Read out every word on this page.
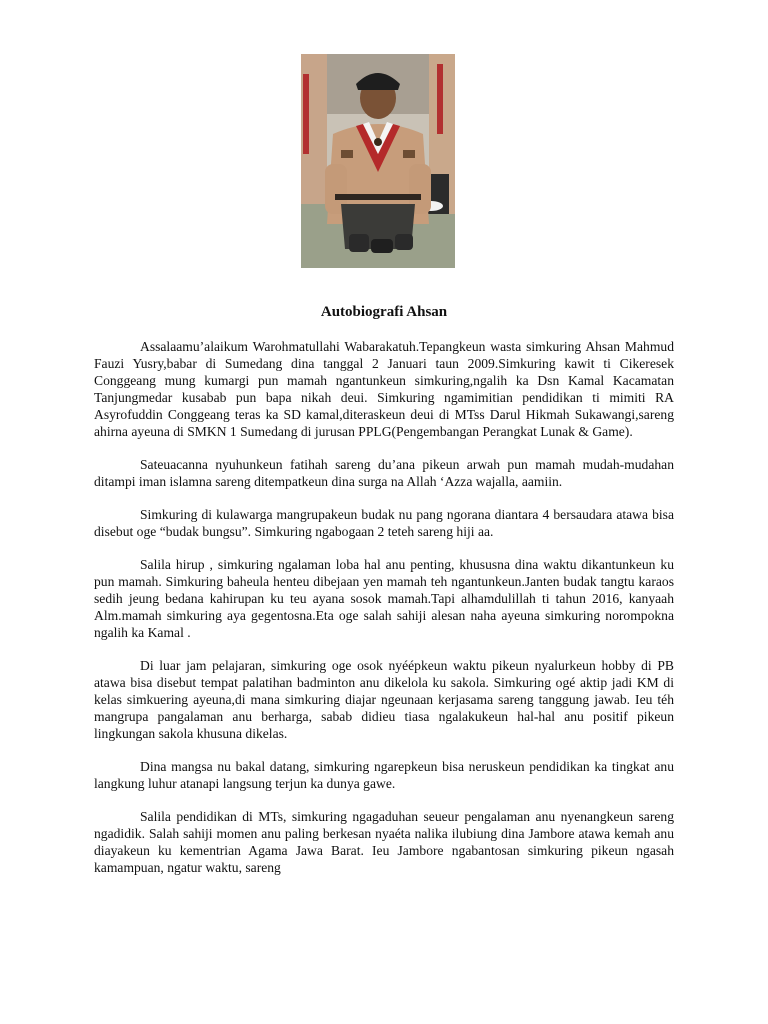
Autobiografi Ahsan

Assalaamu’alaikum Warohmatullahi Wabarakatuh.Tepangkeun wasta simkuring Ahsan Mahmud Fauzi Yusry,babar di Sumedang dina tanggal 2 Januari taun 2009.Simkuring kawit ti Cikeresek Conggeang mung kumargi pun mamah ngantunkeun simkuring,ngalih ka Dsn Kamal Kacamatan Tanjungmedar kusabab pun bapa nikah deui. Simkuring ngamimitian pendidikan ti mimiti RA Asyrofuddin Conggeang teras ka SD kamal,diteraskeun deui di MTss Darul Hikmah Sukawangi,sareng ahirna ayeuna di SMKN 1 Sumedang di jurusan PPLG(Pengembangan Perangkat Lunak & Game).

Sateuacanna nyuhunkeun fatihah sareng du’ana pikeun arwah pun mamah mudah-mudahan ditampi iman islamna sareng ditempatkeun dina surga na Allah ‘Azza wajalla, aamiin.

Simkuring di kulawarga mangrupakeun budak nu pang ngorana diantara 4 bersaudara atawa bisa disebut oge “budak bungsu”. Simkuring ngabogaan 2 teteh sareng hiji aa.

Salila hirup , simkuring ngalaman loba hal anu penting, khususna dina waktu dikantunkeun ku pun mamah. Simkuring baheula henteu dibejaan yen mamah teh ngantunkeun.Janten budak tangtu karaos sedih jeung bedana kahirupan ku teu ayana sosok mamah.Tapi alhamdulillah ti tahun 2016, kanyaah Alm.mamah simkuring aya gegentosna.Eta oge salah sahiji alesan naha ayeuna simkuring norompokna ngalih ka Kamal .

Di luar jam pelajaran, simkuring oge osok nyéépkeun waktu pikeun nyalurkeun hobby di PB atawa bisa disebut tempat palatihan badminton anu dikelola ku sakola. Simkuring ogé aktip jadi KM di kelas simkuering ayeuna,di mana simkuring diajar ngeunaan kerjasama sareng tanggung jawab. Ieu téh mangrupa pangalaman anu berharga, sabab didieu tiasa ngalakukeun hal-hal anu positif pikeun lingkungan sakola khusuna dikelas.

Dina mangsa nu bakal datang, simkuring ngarepkeun bisa neruskeun pendidikan ka tingkat anu langkung luhur atanapi langsung terjun ka dunya gawe.

Salila pendidikan di MTs, simkuring ngagaduhan seueur pengalaman anu nyenangkeun sareng ngadidik. Salah sahiji momen anu paling berkesan nyaéta nalika ilubiung dina Jambore atawa kemah anu diayakeun ku kementrian Agama Jawa Barat. Ieu Jambore ngabantosan simkuring pikeun ngasah kamampuan, ngatur waktu, sareng
